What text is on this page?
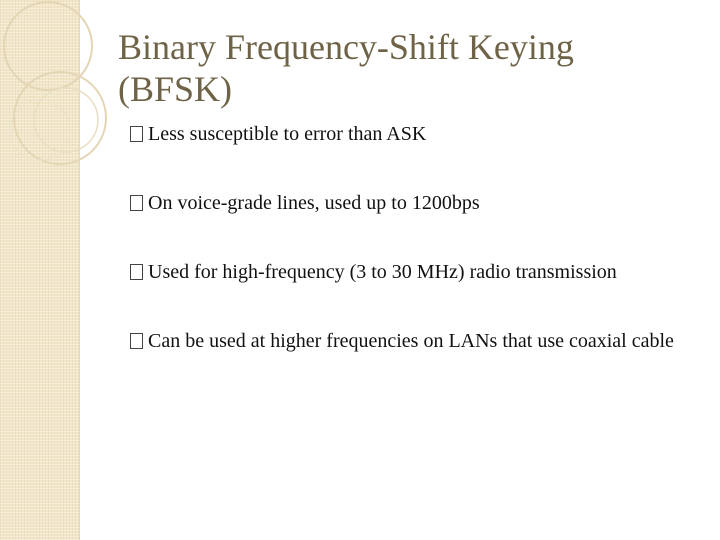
Binary Frequency-Shift Keying (BFSK)
Less susceptible to error than ASK
On voice-grade lines, used up to 1200bps
Used for high-frequency (3 to 30 MHz) radio transmission
Can be used at higher frequencies on LANs that use coaxial cable
